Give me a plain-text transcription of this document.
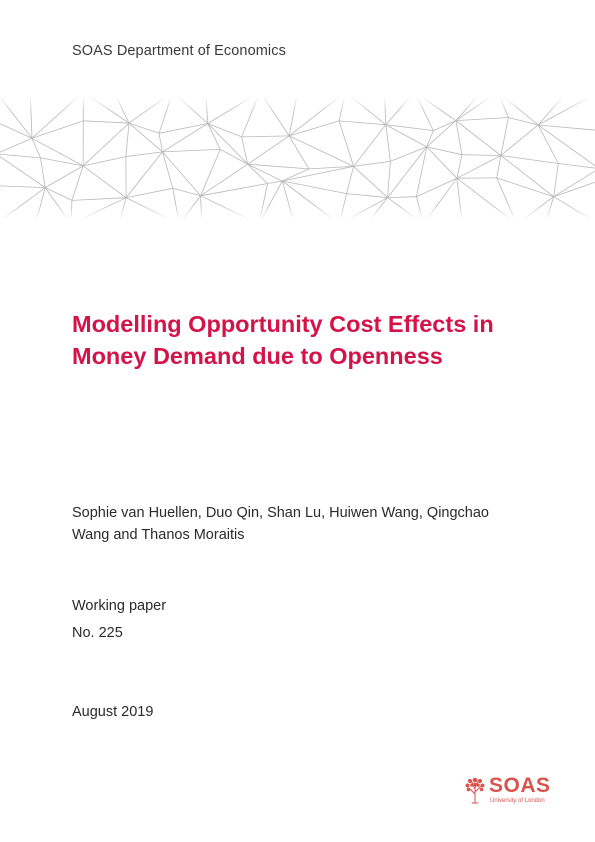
SOAS Department of Economics
Modelling Opportunity Cost Effects in
Money Demand due to Openness
Sophie van Huellen, Duo Qin, Shan Lu, Huiwen Wang, Qingchao
Wang and Thanos Moraitis
Working paper
No. 225
August 2019
SOAS
University of London
